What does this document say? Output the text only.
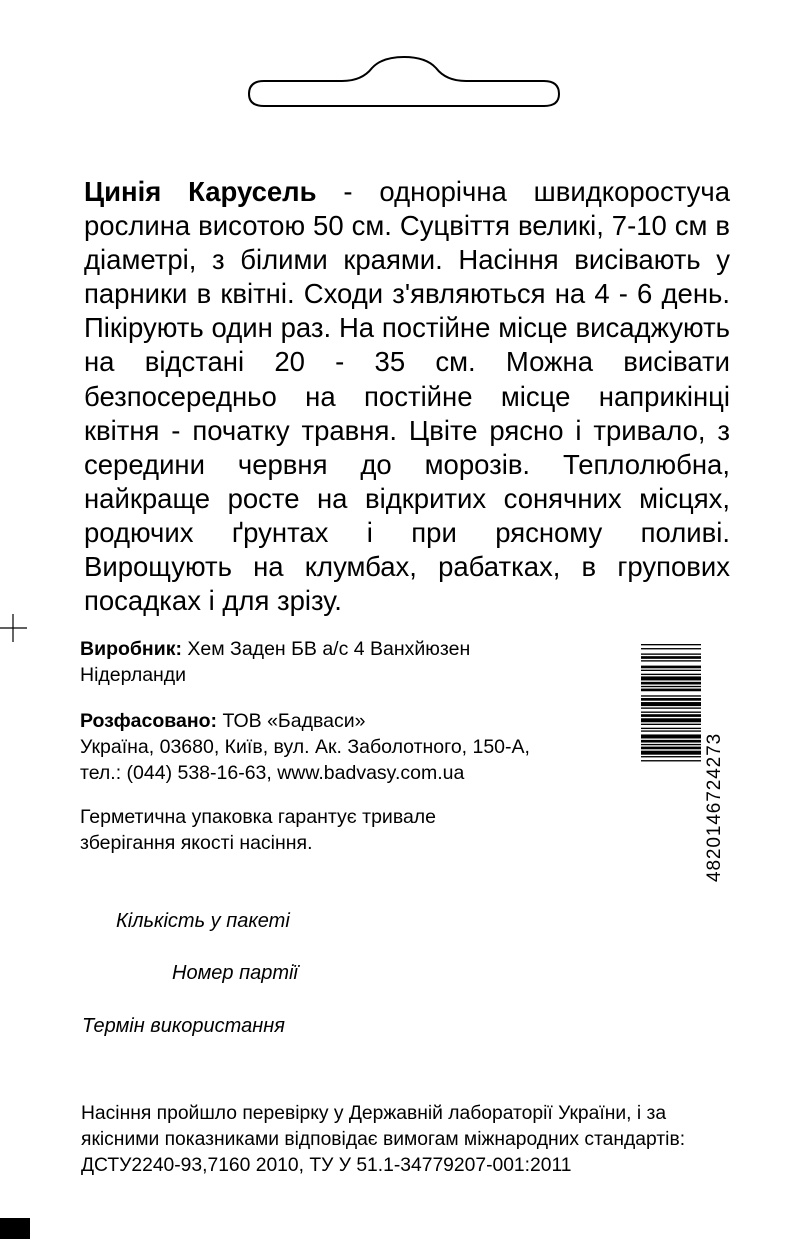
Цинія Карусель - однорічна швидкоростуча рослина висотою 50 см. Суцвіття великі, 7-10 см в діаметрі, з білими краями. Насіння висівають у парники в квітні. Сходи з'являються на 4 - 6 день. Пікірують один раз. На постійне місце висаджують на відстані 20 - 35 см. Можна висівати безпосередньо на постійне місце наприкінці квітня - початку травня. Цвіте рясно і тривало, з середини червня до морозів. Теплолюбна, найкраще росте на відкритих сонячних місцях, родючих ґрунтах і при рясному поливі. Вирощують на клумбах, рабатках, в групових посадках і для зрізу.

Виробник: Хем Заден БВ а/с 4 Ванхйюзен
Нідерланди

Розфасовано: ТОВ «Бадваси»
Україна, 03680, Київ, вул. Ак. Заболотного, 150-А,
тел.: (044) 538-16-63, www.badvasy.com.ua

Герметична упаковка гарантує тривале
зберігання якості насіння.	4820146724273

Кількість у пакеті

Номер партії

Термін використання

Насіння пройшло перевірку у Державній лабораторії України, і за
якісними показниками відповідає вимогам міжнародних стандартів:
ДСТУ2240-93,7160 2010, ТУ У 51.1-34779207-001:2011
